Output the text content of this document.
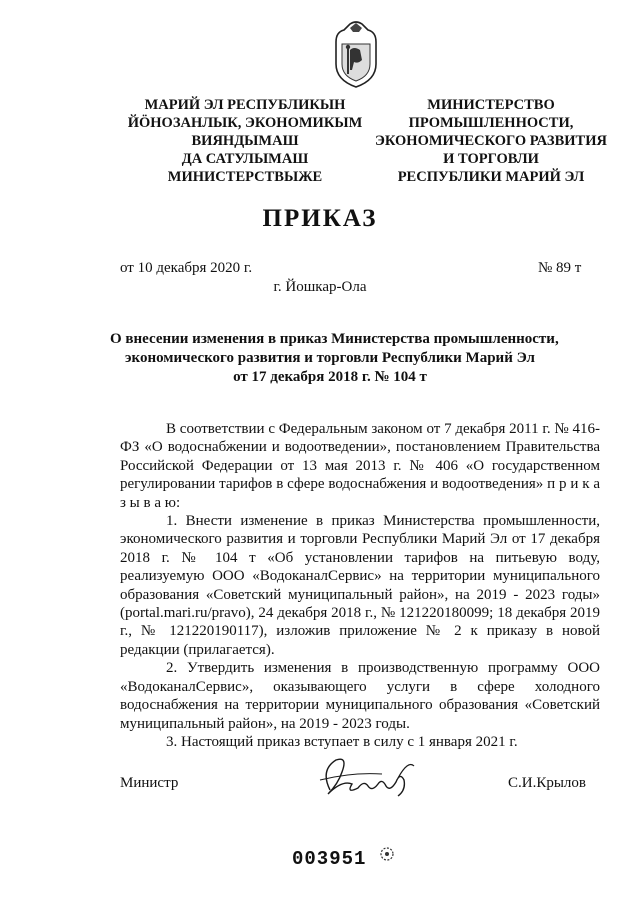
МАРИЙ ЭЛ РЕСПУБЛИКЫН
ЙÖНОЗАНЛЫК, ЭКОНОМИКЫМ
ВИЯНДЫМАШ
ДА САТУЛЫМАШ
МИНИСТЕРСТВЫЖЕ
МИНИСТЕРСТВО
ПРОМЫШЛЕННОСТИ,
ЭКОНОМИЧЕСКОГО РАЗВИТИЯ
И ТОРГОВЛИ
РЕСПУБЛИКИ МАРИЙ ЭЛ
ПРИКАЗ
от 10 декабря 2020 г.	№ 89 т
г. Йошкар-Ола
О внесении изменения в приказ Министерства промышленности,
экономического развития и торговли Республики Марий Эл
от 17 декабря 2018 г. № 104 т

В соответствии с Федеральным законом от 7 декабря 2011 г. № 416-ФЗ «О водоснабжении и водоотведении», постановлением Правительства Российской Федерации от 13 мая 2013 г. № 406 «О государственном регулировании тарифов в сфере водоснабжения и водоотведения» п р и к а з ы в а ю:

1. Внести изменение в приказ Министерства промышленности, экономического развития и торговли Республики Марий Эл от 17 декабря 2018 г. № 104 т «Об установлении тарифов на питьевую воду, реализуемую ООО «ВодоканалСервис» на территории муниципального образования «Советский муниципальный район», на 2019 - 2023 годы» (portal.mari.ru/pravo), 24 декабря 2018 г., № 121220180099; 18 декабря 2019 г., № 121220190117), изложив приложение № 2 к приказу в новой редакции (прилагается).

2. Утвердить изменения в производственную программу ООО «ВодоканалСервис», оказывающего услуги в сфере холодного водоснабжения на территории муниципального образования «Советский муниципальный район», на 2019 - 2023 годы.

3. Настоящий приказ вступает в силу с 1 января 2021 г.

Министр	С.И.Крылов
003951
